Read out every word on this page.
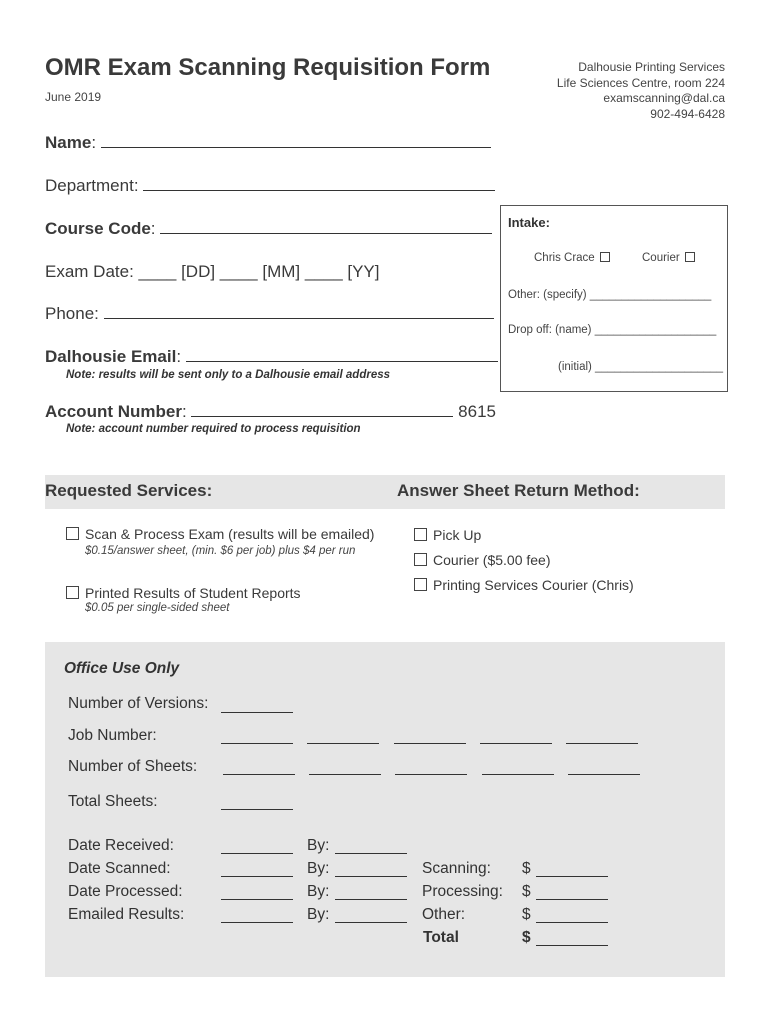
OMR Exam Scanning Requisition Form
June 2019
Dalhousie Printing Services
Life Sciences Centre, room 224
examscanning@dal.ca
902-494-6428
Name:
Department:
Course Code:
Exam Date: ____ [DD] ____ [MM] ____ [YY]
Phone:
Dalhousie Email:
Note: results will be sent only to a Dalhousie email address
Account Number:	8615
Note: account number required to process requisition
Intake:
Chris Crace	Courier
Other: (specify) ___________________
Drop off: (name) ___________________
(initial) ____________________
Requested Services:	Answer Sheet Return Method:
Scan & Process Exam (results will be emailed)
$0.15/answer sheet, (min. $6 per job) plus $4 per run
Printed Results of Student Reports
$0.05 per single-sided sheet
Pick Up
Courier ($5.00 fee)
Printing Services Courier (Chris)
Office Use Only
Number of Versions:
Job Number:
Number of Sheets:
Total Sheets:
Date Received:	By:
Date Scanned:	By:	Scanning: $
Date Processed:	By:	Processing: $
Emailed Results:	By:	Other:	$
Total	$
